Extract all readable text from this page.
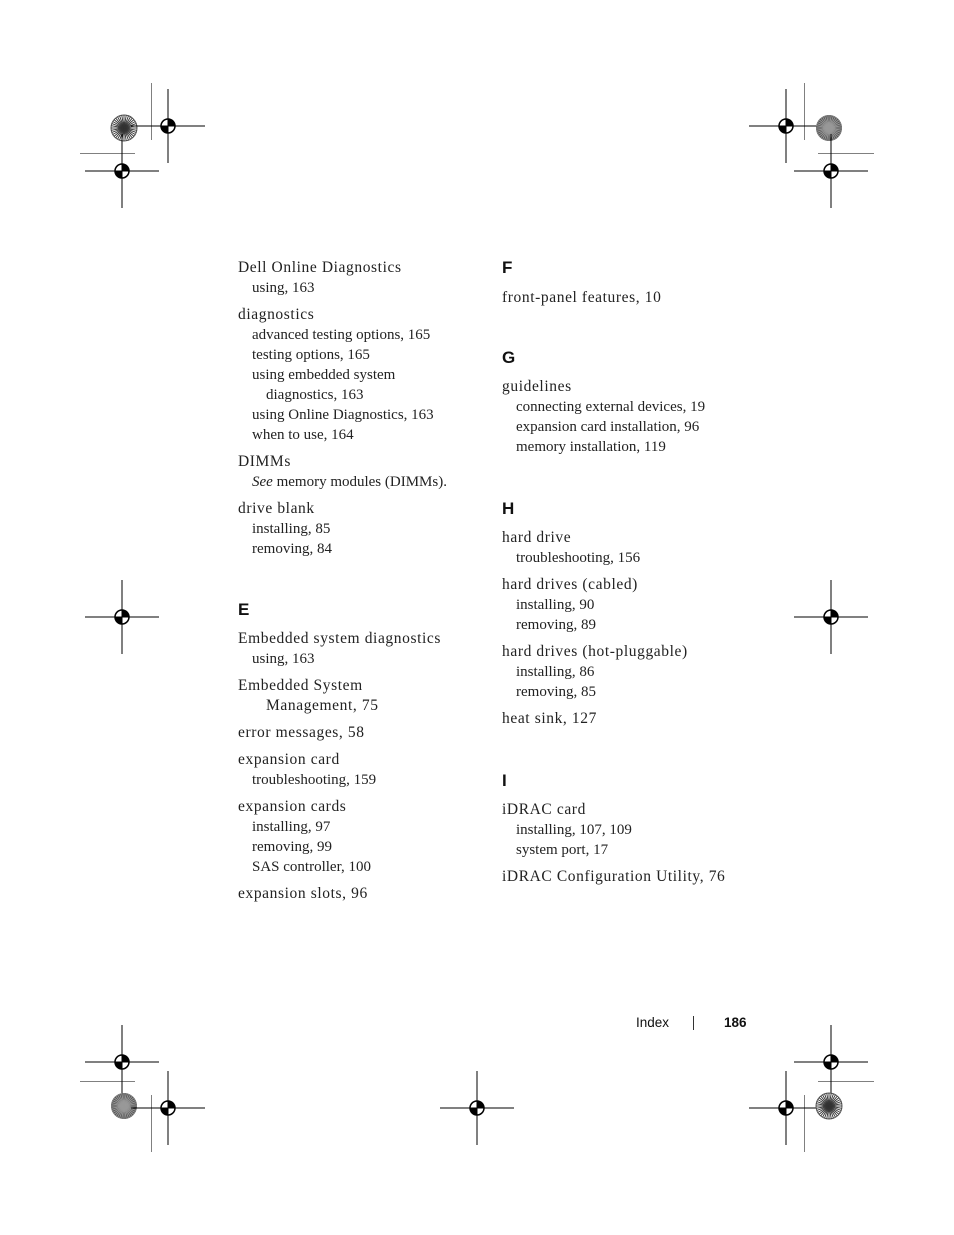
Dell Online Diagnostics
using, 163
diagnostics
advanced testing options, 165
testing options, 165
using embedded system
diagnostics, 163
using Online Diagnostics, 163
when to use, 164
DIMMs
See memory modules (DIMMs).
drive blank
installing, 85
removing, 84
E
Embedded system diagnostics
using, 163
Embedded System
Management, 75
error messages, 58
expansion card
troubleshooting, 159
expansion cards
installing, 97
removing, 99
SAS controller, 100
expansion slots, 96
F
front-panel features, 10
G
guidelines
connecting external devices, 19
expansion card installation, 96
memory installation, 119
H
hard drive
troubleshooting, 156
hard drives (cabled)
installing, 90
removing, 89
hard drives (hot-pluggable)
installing, 86
removing, 85
heat sink, 127
I
iDRAC card
installing, 107, 109
system port, 17
iDRAC Configuration Utility, 76
Index	186
